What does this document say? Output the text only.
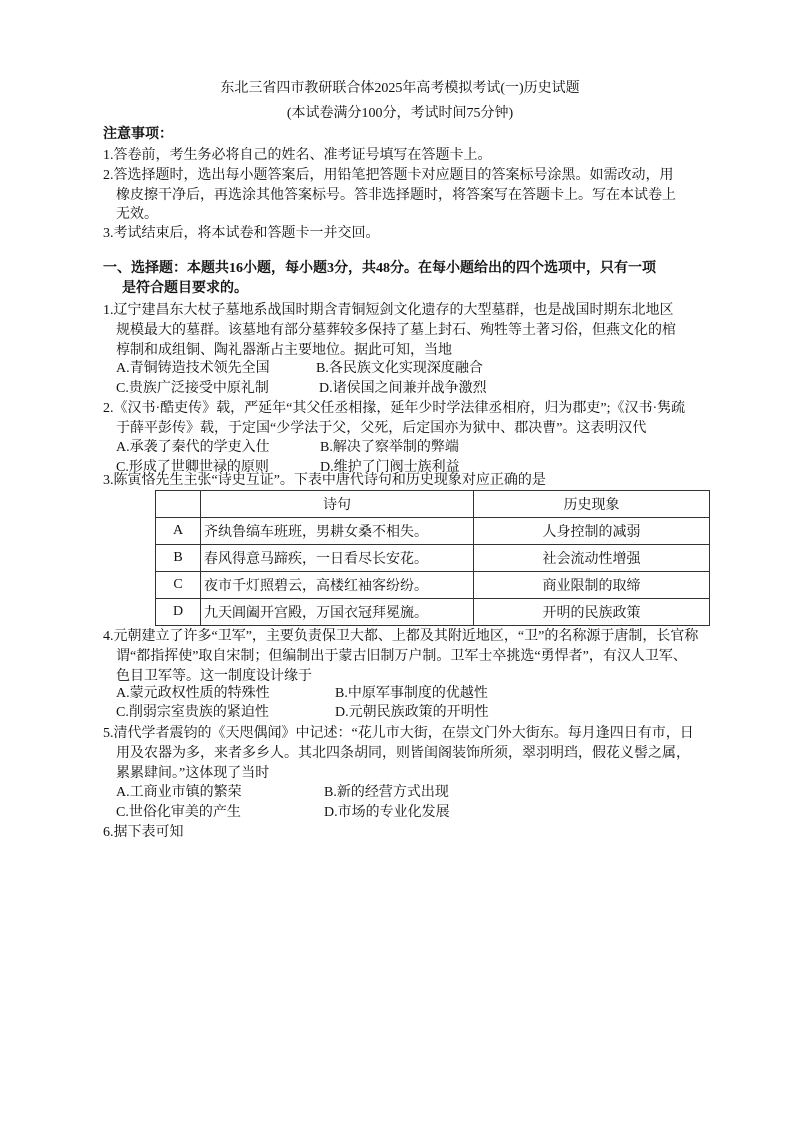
东北三省四市教研联合体2025年高考模拟考试(一)历史试题
(本试卷满分100分，考试时间75分钟)
注意事项：
1.答卷前，考生务必将自己的姓名、准考证号填写在答题卡上。
2.答选择题时，选出每小题答案后，用铅笔把答题卡对应题目的答案标号涂黑。如需改动，用
橡皮擦干净后，再选涂其他答案标号。答非选择题时，将答案写在答题卡上。写在本试卷上
无效。
3.考试结束后，将本试卷和答题卡一并交回。
一、选择题：本题共16小题，每小题3分，共48分。在每小题给出的四个选项中，只有一项
是符合题目要求的。
1.辽宁建昌东大杖子墓地系战国时期含青铜短剑文化遗存的大型墓群，也是战国时期东北地区
规模最大的墓群。该墓地有部分墓葬较多保持了墓上封石、殉牲等土著习俗，但燕文化的棺
椁制和成组铜、陶礼器渐占主要地位。据此可知，当地
A.青铜铸造技术领先全国	B.各民族文化实现深度融合
C.贵族广泛接受中原礼制	D.诸侯国之间兼并战争激烈
2.《汉书·酷吏传》载，严延年“其父任丞相掾，延年少时学法律丞相府，归为郡吏”;《汉书·隽疏
于薛平彭传》载，于定国“少学法于父，父死，后定国亦为狱中、郡决曹”。这表明汉代
A.承袭了秦代的学吏入仕	B.解决了察举制的弊端
C.形成了世卿世禄的原则	D.维护了门阀士族利益
3.陈寅恪先生主张“诗史互证”。下表中唐代诗句和历史现象对应正确的是
	诗句	历史现象
A	齐纨鲁缟车班班，男耕女桑不相失。	人身控制的减弱
B	春风得意马蹄疾，一日看尽长安花。	社会流动性增强
C	夜市千灯照碧云，高楼红袖客纷纷。	商业限制的取缔
D	九天阊阖开宫殿，万国衣冠拜冕旒。	开明的民族政策
4.元朝建立了许多“卫军”，主要负责保卫大都、上都及其附近地区，“卫”的名称源于唐制，长官称
谓“都指挥使”取自宋制；但编制出于蒙古旧制万户制。卫军士卒挑选“勇悍者”，有汉人卫军、
色目卫军等。这一制度设计缘于
A.蒙元政权性质的特殊性	B.中原军事制度的优越性
C.削弱宗室贵族的紧迫性	D.元朝民族政策的开明性
5.清代学者震钧的《天咫偶闻》中记述：“花儿市大街，在崇文门外大街东。每月逢四日有市，日
用及农器为多，来者多乡人。其北四条胡同，则皆闺阁装饰所须，翠羽明珰，假花义髻之属，
累累肆间。”这体现了当时
A.工商业市镇的繁荣	B.新的经营方式出现
C.世俗化审美的产生	D.市场的专业化发展
6.据下表可知
